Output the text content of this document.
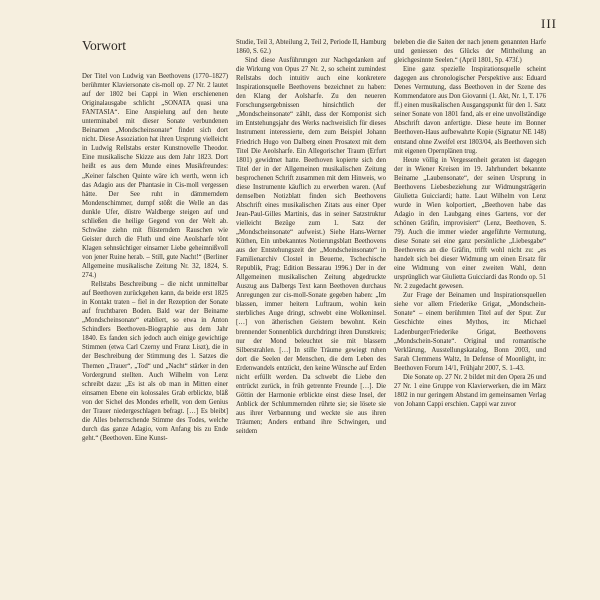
III
Vorwort

Der Titel von Ludwig van Beethovens (1770–1827) berühmter Klaviersonate cis-moll op. 27 Nr. 2 lautet auf der 1802 bei Cappi in Wien erschienenen Originalausgabe schlicht „SONATA quasi una FANTASIA“. Eine Anspielung auf den heute unterminabel mit dieser Sonate verbundenen Beinamen „Mondscheinsonate“ findet sich dort nicht. Diese Assoziation hat ihren Ursprung vielleicht in Ludwig Rellstabs erster Kunstnovelle Theodor. Eine musikalische Skizze aus dem Jahr 1823. Dort heißt es aus dem Munde eines Musikfreundes: „Keiner falschen Quinte wäre ich werth, wenn ich das Adagio aus der Phantasie in Cis-moll vergessen hätte. Der See ruht in dämmerndem Mondenschimmer, dumpf stößt die Welle an das dunkle Ufer, düstre Waldberge steigen auf und schließen die heilige Gegend von der Welt ab. Schwäne ziehn mit flüsterndem Rauschen wie Geister durch die Fluth und eine Aeolsharfe tönt Klagen sehnsüchtiger einsamer Liebe geheimnißvoll von jener Ruine herab. – Still, gute Nacht!“ (Berliner Allgemeine musikalische Zeitung Nr. 32, 1824, S. 274.)

Rellstabs Beschreibung – die nicht unmittelbar auf Beethoven zurückgehen kann, da beide erst 1825 in Kontakt traten – fiel in der Rezeption der Sonate auf fruchtbaren Boden. Bald war der Beiname „Mondscheinsonate“ etabliert, so etwa in Anton Schindlers Beethoven-Biographie aus dem Jahr 1840. Es fanden sich jedoch auch einige gewichtige Stimmen (etwa Carl Czerny und Franz Liszt), die in der Beschreibung der Stimmung des 1. Satzes die Themen „Trauer“, „Tod“ und „Nacht“ stärker in den Vordergrund stellten. Auch Wilhelm von Lenz schreibt dazu: „Es ist als ob man in Mitten einer einsamen Ebene ein kolossales Grab erblickte, bläß von der Sichel des Mondes erhellt, von dem Genius der Trauer niedergeschlagen befragt. […] Es bleibt] die Alles beherrschende Stimme des Todes, welche durch das ganze Adagio, vom Anfang bis zu Ende geht.“ (Beethoven. Eine Kunst-

Studie, Teil 3, Abteilung 2, Teil 2, Periode II, Hamburg 1860, S. 62.)

Sind diese Ausführungen zur Nachgedanken auf die Wirkung von Opus 27 Nr. 2, so scheint zumindest Rellstabs doch intuitiv auch eine konkretere Inspirationsquelle Beethovens bezeichnet zu haben: den Klang der Aolsharfe. Zu den neueren Forschungsergebnissen hinsichtlich der „Mondscheinsonate“ zählt, dass der Komponist sich im Entstehungsjahr des Werks nachweislich für dieses Instrument interessierte, dem zum Beispiel Johann Friedrich Hugo von Dalberg einen Prosatext mit dem Titel Die Aeolsharfe. Ein Allegorischer Traum (Erfurt 1801) gewidmet hatte. Beethoven kopierte sich den Titel der in der Allgemeinen musikalischen Zeitung besprochenen Schrift zusammen mit dem Hinweis, wo diese Instrumente käuflich zu erwerben waren. (Auf demselben Notizblatt finden sich Beethovens Abschrift eines musikalischen Zitats aus einer Oper Jean-Paul-Gilles Martinis, das in seiner Satzstruktur vielleicht Bezüge zum 1. Satz der „Mondscheinsonate“ aufweist.) Siehe Hans-Werner Küthen, Ein unbekanntes Notierungsblatt Beethovens aus der Entstehungszeit der „Mondscheinsonate“ in Familienarchiv Clostel in Beuerne, Tschechische Republik, Prag; Edition Bessarau 1996.) Der in der Allgemeinen musikalischen Zeitung abgedruckte Auszug aus Dalbergs Text kann Beethoven durchaus Anregungen zur cis-moll-Sonate gegeben haben: „Im blassen, immer heitern Luftraum, wohin kein sterbliches Auge dringt, schwebt eine Wolkeninsel. […] von ätherischen Geistern bewohnt. Kein brennender Sonnenblick durchdringt ihren Dunstkreis; nur der Mond beleuchtet sie mit blassem Silberstrahlen. […] In stille Träume gewiegt ruhen dort die Seelen der Menschen, die dem Leben des Erdenwandels entzückt, den keine Wünsche auf Erden nicht erfüllt werden. Da schwebt die Liebe den entrückt zurück, in früh getrennte Freunde […]. Die Göttin der Harmonie erblickte einst diese Insel, der Anblick der Schlummernden rührte sie; sie lösete sie aus ihrer Verbannung und weckte sie aus ihren Träumen; Anders entband ihre Schwingen, und seitdem

beleben die die Saiten der nach jenem genannten Harfe und geniessen des Glücks der Mittheilung an gleichgesinnte Seelen.“ (April 1801, Sp. 473f.)

Eine ganz spezielle Inspirationsquelle scheint dagegen aus chronologischer Perspektive aus: Eduard Denes Vermutung, dass Beethoven in der Szene des Kommendatore aus Don Giovanni (1. Akt, Nr. 1, T. 176 ff.) einen musikalischen Ausgangspunkt für den 1. Satz seiner Sonate von 1801 fand, als er eine unvollständige Abschrift davon anfertigte. Diese heute im Bonner Beethoven-Haus aufbewahrte Kopie (Signatur NE 148) entstand ohne Zweifel erst 1803/04, als Beethoven sich mit eigenen Opernplänen trug.

Heute völlig in Vergessenheit geraten ist dagegen der in Wiener Kreisen im 19. Jahrhundert bekannte Beiname „Laubensonate“, der seinen Ursprung in Beethovens Liebesbeziehung zur Widmungsträgerin Giulietta Guicciardi; hatte. Laut Wilhelm von Lenz wurde in Wien kolportiert, „Beethoven habe das Adagio in den Laubgang eines Gartens, vor der schönen Gräfin, improvisiert“ (Lenz, Beethoven, S. 79). Auch die immer wieder angeführte Vermutung, diese Sonate sei eine ganz persönliche „Liebesgabe“ Beethovens an die Gräfin, trifft wohl nicht zu: „es handelt sich bei dieser Widmung um einen Ersatz für eine Widmung von einer zweiten Wahl, denn ursprünglich war Giulietta Guicciardi das Rondo op. 51 Nr. 2 zugedacht gewesen.

Zur Frage der Beinamen und Inspirationsquellen siehe vor allem Friederike Grigat, „Mondschein-Sonate“ – einem berühmten Titel auf der Spur. Zur Geschichte eines Mythos, in: Michael Ladenburger/Friederike Grigat, Beethovens „Mondschein-Sonate“. Original und romantische Verklärung, Ausstellungskatalog, Bonn 2003, und Sarah Clemmens Waltz, In Defense of Moonlight, in: Beethoven Forum 14/1, Frühjahr 2007, S. 1–43.

Die Sonate op. 27 Nr. 2 bildet mit den Opera 26 und 27 Nr. 1 eine Gruppe von Klavierwerken, die im März 1802 in nur geringem Abstand im gemeinsamen Verlag von Johann Cappi erschien. Cappi war zuvor
